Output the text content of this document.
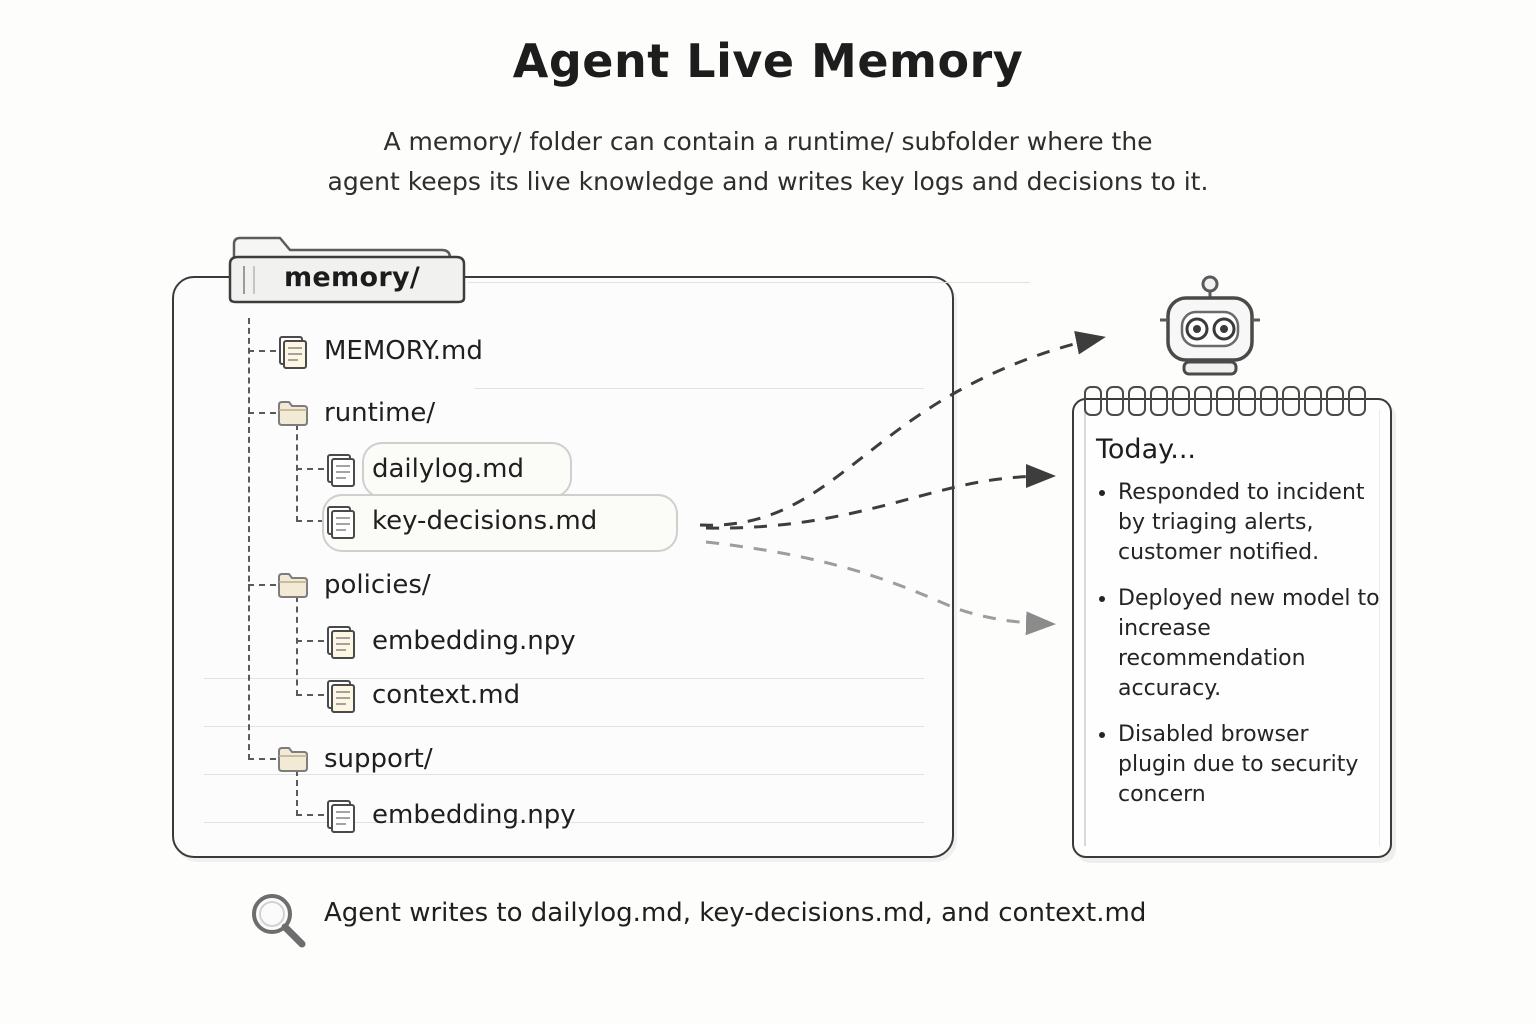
Agent Live Memory
A memory/ folder can contain a runtime/ subfolder where the
agent keeps its live knowledge and writes key logs and decisions to it.
memory/
MEMORY.md
runtime/
dailylog.md
key-decisions.md
policies/
embedding.npy
context.md
support/
embedding.npy
Today...
• Responded to incident by triaging alerts, customer notified.
• Deployed new model to increase recommendation accuracy.
• Disabled browser plugin due to security concern
Agent writes to dailylog.md, key-decisions.md, and context.md
